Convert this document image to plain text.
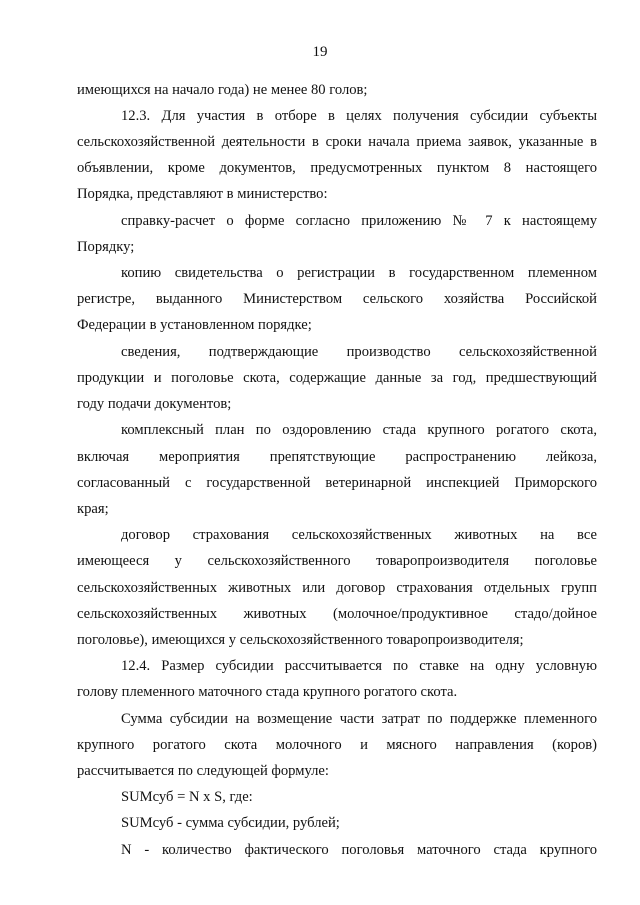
19
имеющихся на начало года) не менее 80 голов;
12.3. Для участия в отборе в целях получения субсидии субъекты
сельскохозяйственной деятельности в сроки начала приема заявок, указанные в
объявлении, кроме документов, предусмотренных пунктом 8 настоящего
Порядка, представляют в министерство:
справку-расчет о форме согласно приложению № 7 к настоящему
Порядку;
копию свидетельства о регистрации в государственном племенном
регистре, выданного Министерством сельского хозяйства Российской
Федерации в установленном порядке;
сведения, подтверждающие производство сельскохозяйственной
продукции и поголовье скота, содержащие данные за год, предшествующий
году подачи документов;
комплексный план по оздоровлению стада крупного рогатого скота,
включая мероприятия препятствующие распространению лейкоза,
согласованный с государственной ветеринарной инспекцией Приморского
края;
договор страхования сельскохозяйственных животных на все
имеющееся у сельскохозяйственного товаропроизводителя поголовье
сельскохозяйственных животных или договор страхования отдельных групп
сельскохозяйственных животных (молочное/продуктивное стадо/дойное
поголовье), имеющихся у сельскохозяйственного товаропроизводителя;
12.4. Размер субсидии рассчитывается по ставке на одну условную
голову племенного маточного стада крупного рогатого скота.
Сумма субсидии на возмещение части затрат по поддержке племенного
крупного рогатого скота молочного и мясного направления (коров)
рассчитывается по следующей формуле:
SUMсуб = N x S, где:
SUMсуб - сумма субсидии, рублей;
N - количество фактического поголовья маточного стада крупного
